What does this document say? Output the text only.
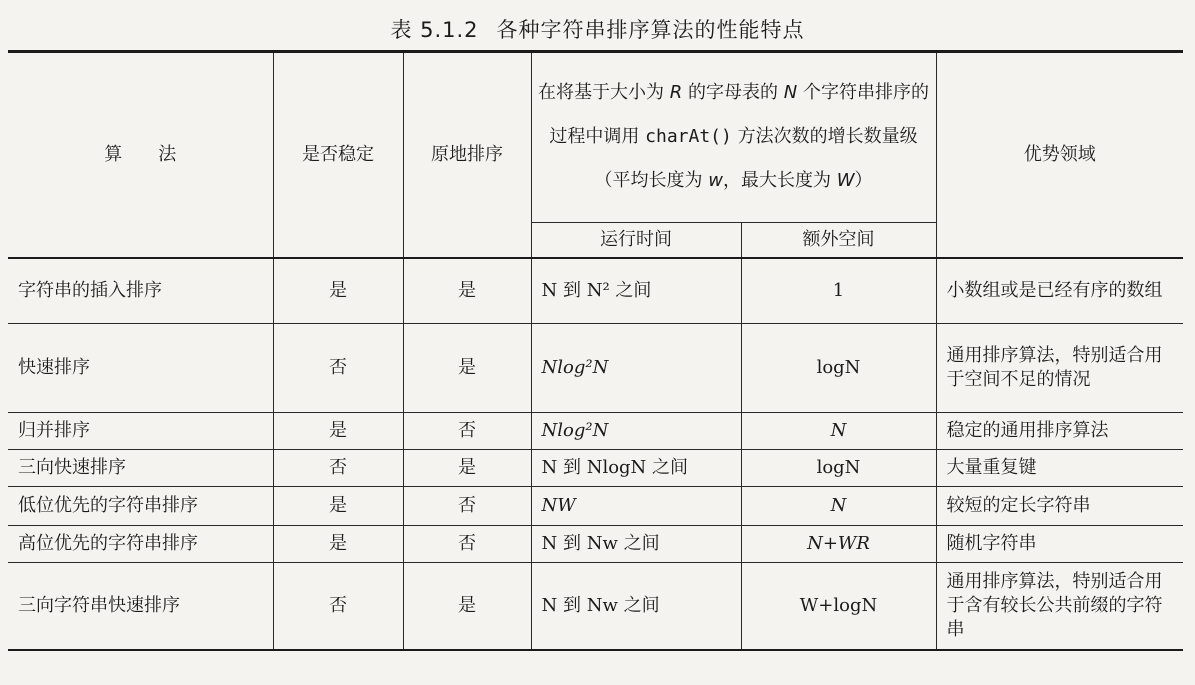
表 5.1.2 各种字符串排序算法的性能特点
算　　法	是否稳定	原地排序	在将基于大小为 R 的字母表的 N 个字符串排序的过程中调用 charAt() 方法次数的增长数量级（平均长度为 w，最大长度为 W）		优势领域
			运行时间	额外空间	
字符串的插入排序	是	是	N 到 N² 之间	1	小数组或是已经有序的数组
快速排序	否	是	Nlog²N	logN	通用排序算法，特别适合用于空间不足的情况
归并排序	是	否	Nlog²N	N	稳定的通用排序算法
三向快速排序	否	是	N 到 NlogN 之间	logN	大量重复键
低位优先的字符串排序	是	否	NW	N	较短的定长字符串
高位优先的字符串排序	是	否	N 到 Nw 之间	N+WR	随机字符串
三向字符串快速排序	否	是	N 到 Nw 之间	W+logN	通用排序算法，特别适合用于含有较长公共前缀的字符串
